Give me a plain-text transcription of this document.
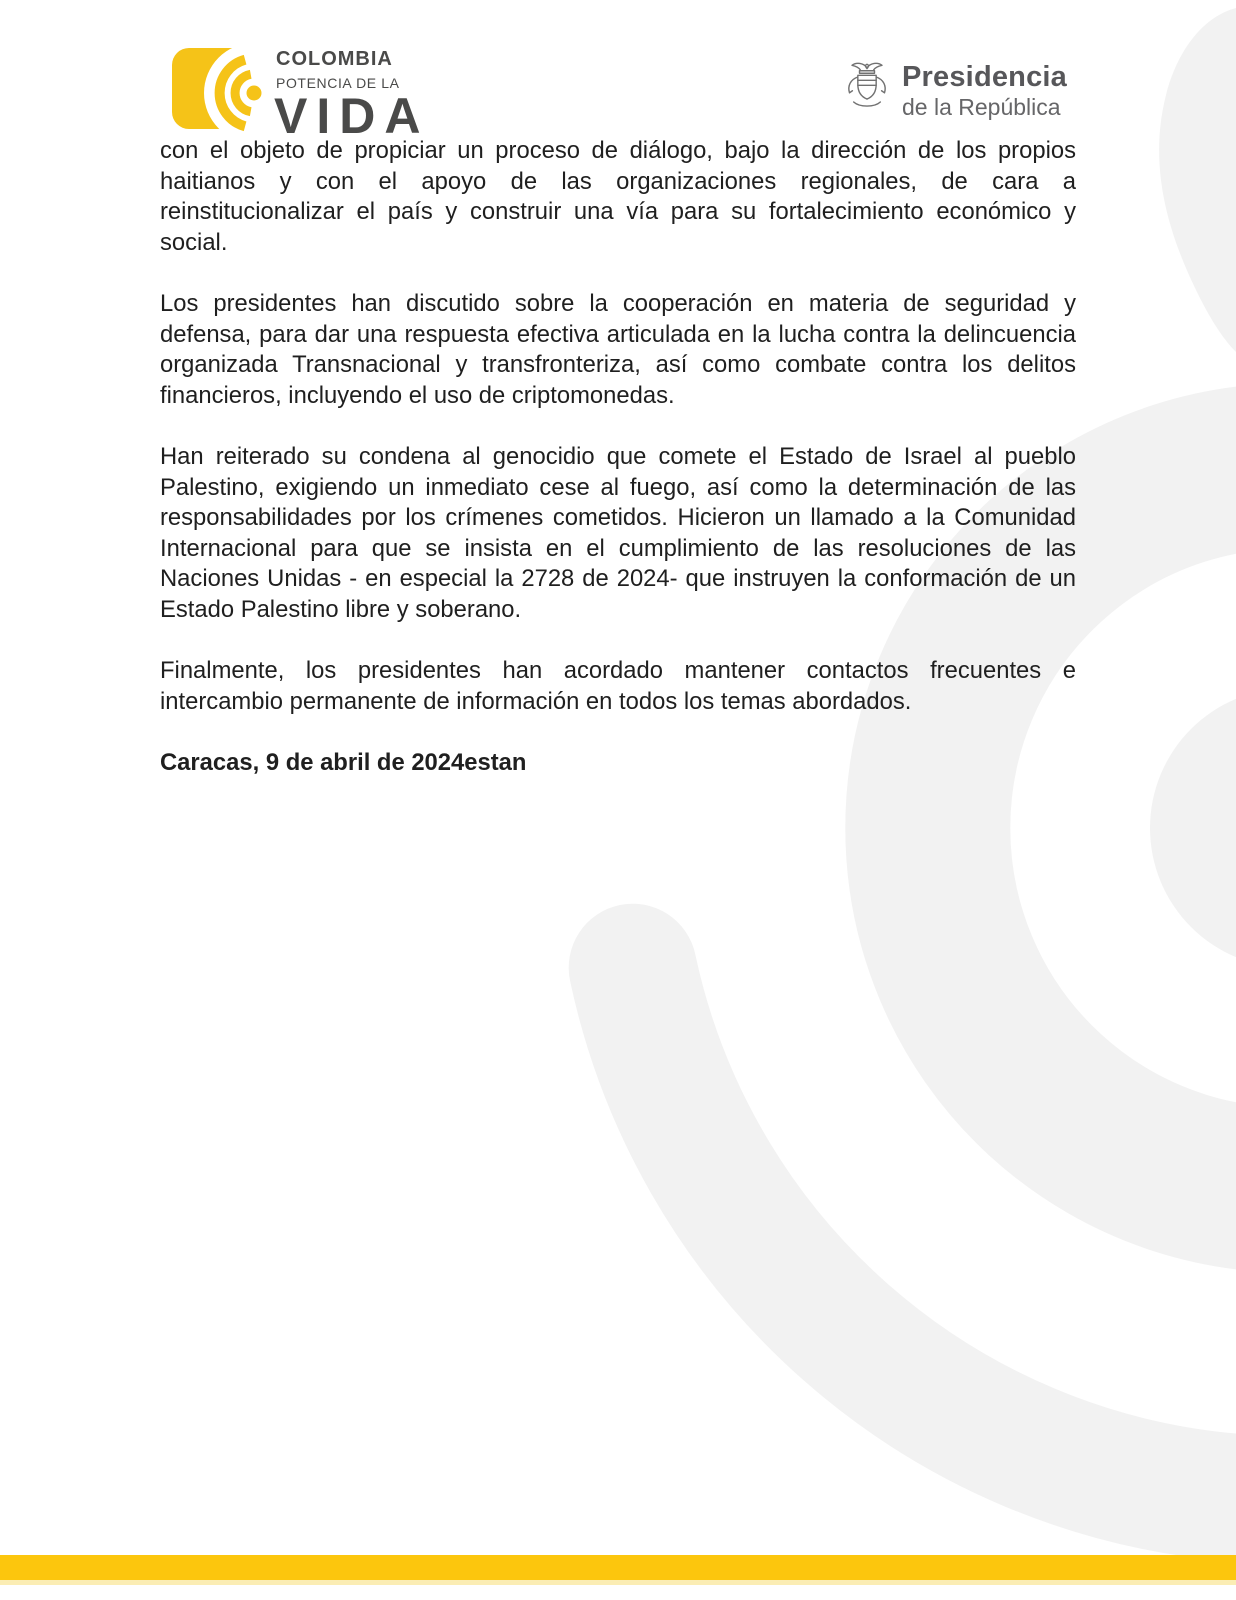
COLOMBIA
POTENCIA DE LA
VIDA
Presidencia
de la República
con el objeto de propiciar un proceso de diálogo, bajo la dirección de los propios
haitianos y con el apoyo de las organizaciones regionales, de cara a
reinstitucionalizar el país y construir una vía para su fortalecimiento económico y
social.
Los presidentes han discutido sobre la cooperación en materia de seguridad y
defensa, para dar una respuesta efectiva articulada en la lucha contra la delincuencia
organizada Transnacional y transfronteriza, así como combate contra los delitos
financieros, incluyendo el uso de criptomonedas.
Han reiterado su condena al genocidio que comete el Estado de Israel al pueblo
Palestino, exigiendo un inmediato cese al fuego, así como la determinación de las
responsabilidades por los crímenes cometidos. Hicieron un llamado a la Comunidad
Internacional para que se insista en el cumplimiento de las resoluciones de las
Naciones Unidas - en especial la 2728 de 2024- que instruyen la conformación de un
Estado Palestino libre y soberano.
Finalmente, los presidentes han acordado mantener contactos frecuentes e
intercambio permanente de información en todos los temas abordados.
Caracas, 9 de abril de 2024estan
